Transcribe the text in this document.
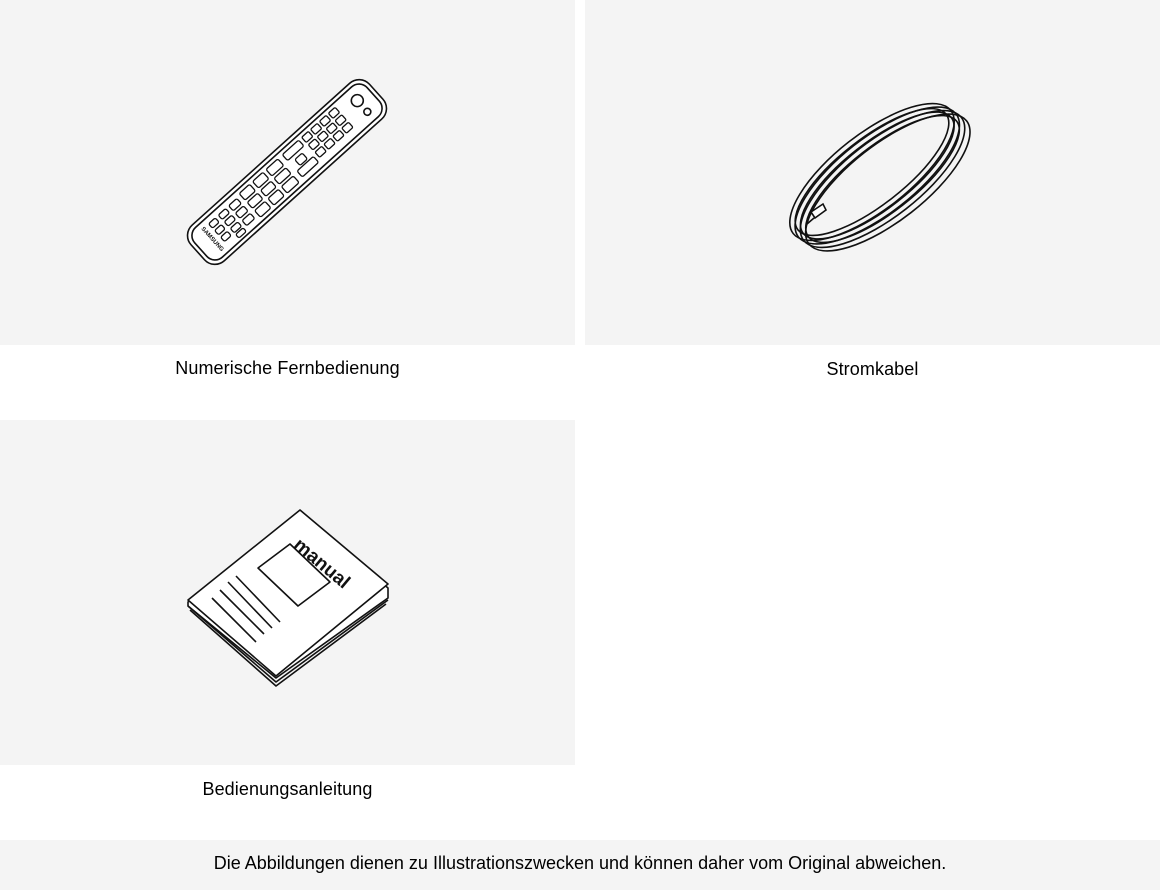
SAMSUNG
Numerische Fernbedienung	Stromkabel
manual
Bedienungsanleitung
Die Abbildungen dienen zu Illustrationszwecken und können daher vom Original abweichen.
